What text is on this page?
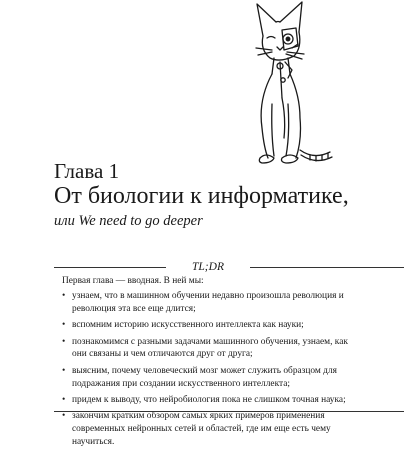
Глава 1
От биологии к информатике,
или We need to go deeper
TL;DR

Первая глава — вводная. В ней мы:

• узнаем, что в машинном обучении недавно произошла революция и революция эта все еще длится;
• вспомним историю искусственного интеллекта как науки;
• познакомимся с разными задачами машинного обучения, узнаем, как они связаны и чем отличаются друг от друга;
• выясним, почему человеческий мозг может служить образцом для подражания при создании искусственного интеллекта;
• придем к выводу, что нейробиология пока не слишком точная наука;
• закончим кратким обзором самых ярких примеров применения современных нейронных сетей и областей, где им еще есть чему научиться.
